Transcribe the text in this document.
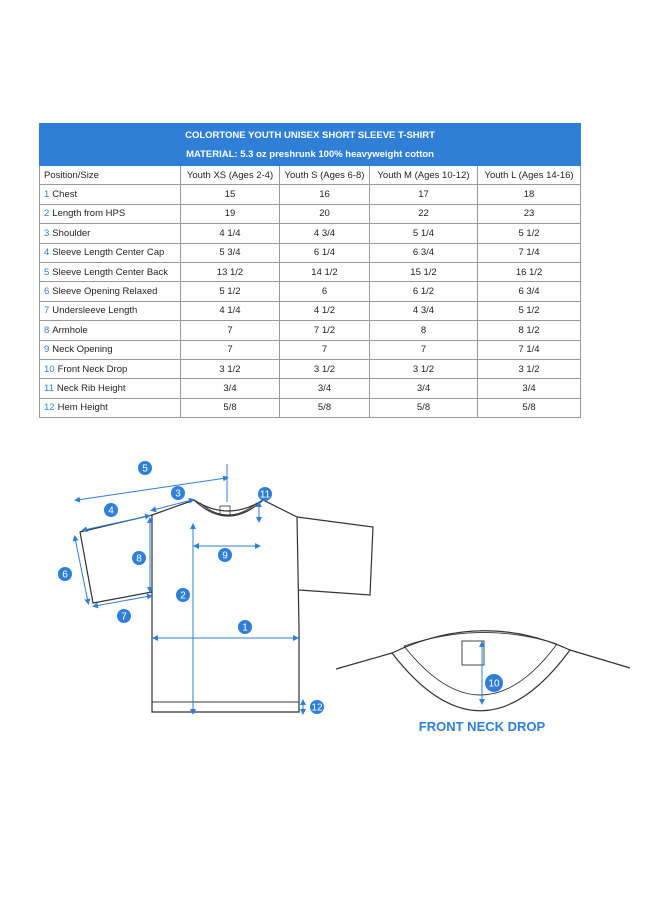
COLORTONE YOUTH UNISEX SHORT SLEEVE T-SHIRT
MATERIAL: 5.3 oz preshrunk 100% heavyweight cotton				

Position/Size	Youth XS (Ages 2-4)	Youth S (Ages 6-8)	Youth M (Ages 10-12)	Youth L (Ages 14-16)
1 Chest	15	16	17	18
2 Length from HPS	19	20	22	23
3 Shoulder	4 1/4	4 3/4	5 1/4	5 1/2
4 Sleeve Length Center Cap	5 3/4	6 1/4	6 3/4	7 1/4
5 Sleeve Length Center Back	13 1/2	14 1/2	15 1/2	16 1/2
6 Sleeve Opening Relaxed	5 1/2	6	6 1/2	6 3/4
7 Undersleeve Length	4 1/4	4 1/2	4 3/4	5 1/2
8 Armhole	7	7 1/2	8	8 1/2
9 Neck Opening	7	7	7	7 1/4
10 Front Neck Drop	3 1/2	3 1/2	3 1/2	3 1/2
11 Neck Rib Height	3/4	3/4	3/4	3/4
12 Hem Height	5/8	5/8	5/8	5/8
1
2
3
4
5
6
7
8	9
10
11
12
FRONT NECK DROP
